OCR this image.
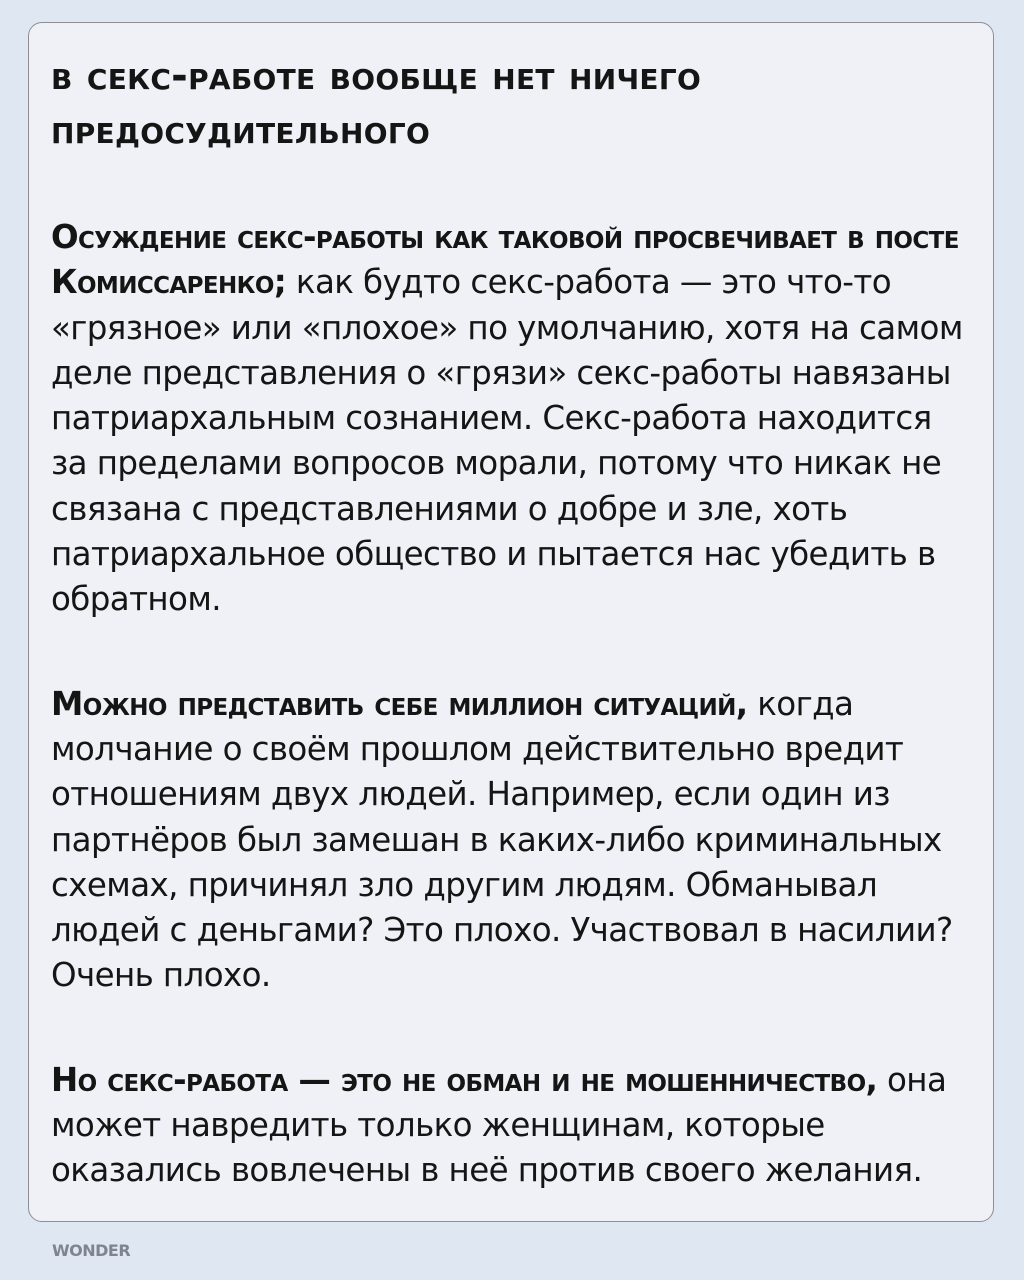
в секс-работе вообще нет ничего предосудительного

Осуждение секс-работы как таковой просвечивает в посте Комиссаренко; как будто секс-работа — это что-то «грязное» или «плохое» по умолчанию, хотя на самом деле представления о «грязи» секс-работы навязаны патриархальным сознанием. Секс-работа находится за пределами вопросов морали, потому что никак не связана с представлениями о добре и зле, хоть патриархальное общество и пытается нас убедить в обратном.

Можно представить себе миллион ситуаций, когда молчание о своём прошлом действительно вредит отношениям двух людей. Например, если один из партнёров был замешан в каких-либо криминальных схемах, причинял зло другим людям. Обманывал людей с деньгами? Это плохо. Участвовал в насилии? Очень плохо.

Но секс-работа — это не обман и не мошенничество, она может навредить только женщинам, которые оказались вовлечены в неё против своего желания.

WONDER
